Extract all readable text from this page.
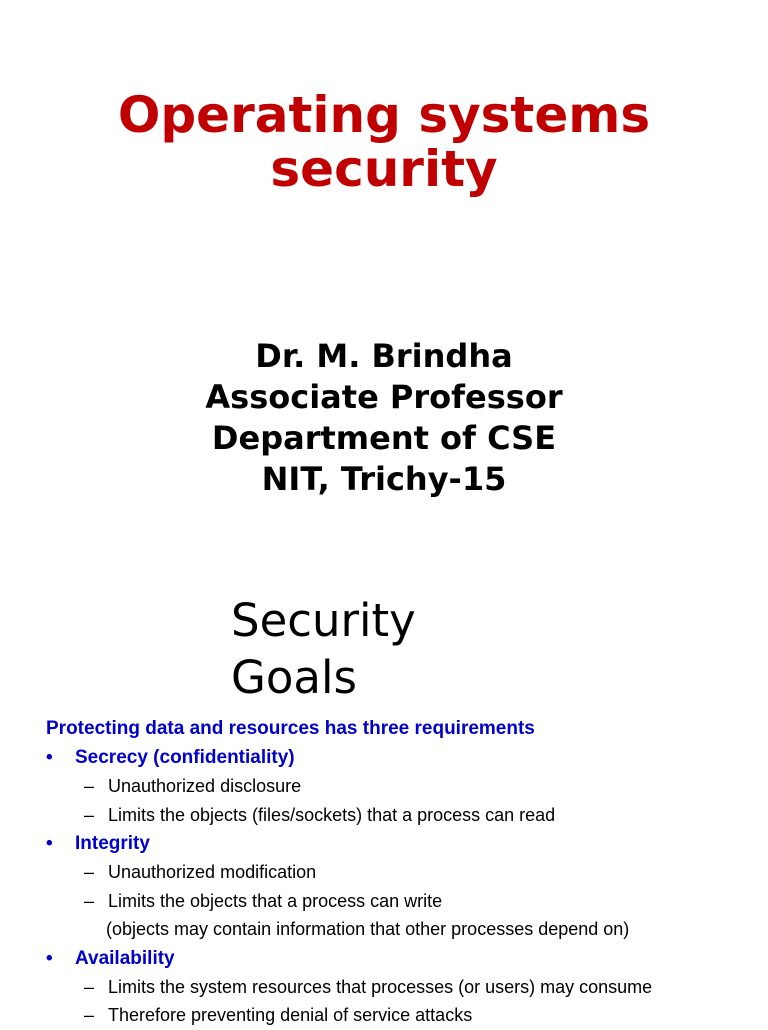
Operating systems
security
Dr. M. Brindha
Associate Professor
Department of CSE
NIT, Trichy-15
Security
Goals
Protecting data and resources has three requirements
• Secrecy (confidentiality)
– Unauthorized disclosure
– Limits the objects (files/sockets) that a process can read
• Integrity
– Unauthorized modification
– Limits the objects that a process can write
(objects may contain information that other processes depend on)
• Availability
– Limits the system resources that processes (or users) may consume
– Therefore preventing denial of service attacks
